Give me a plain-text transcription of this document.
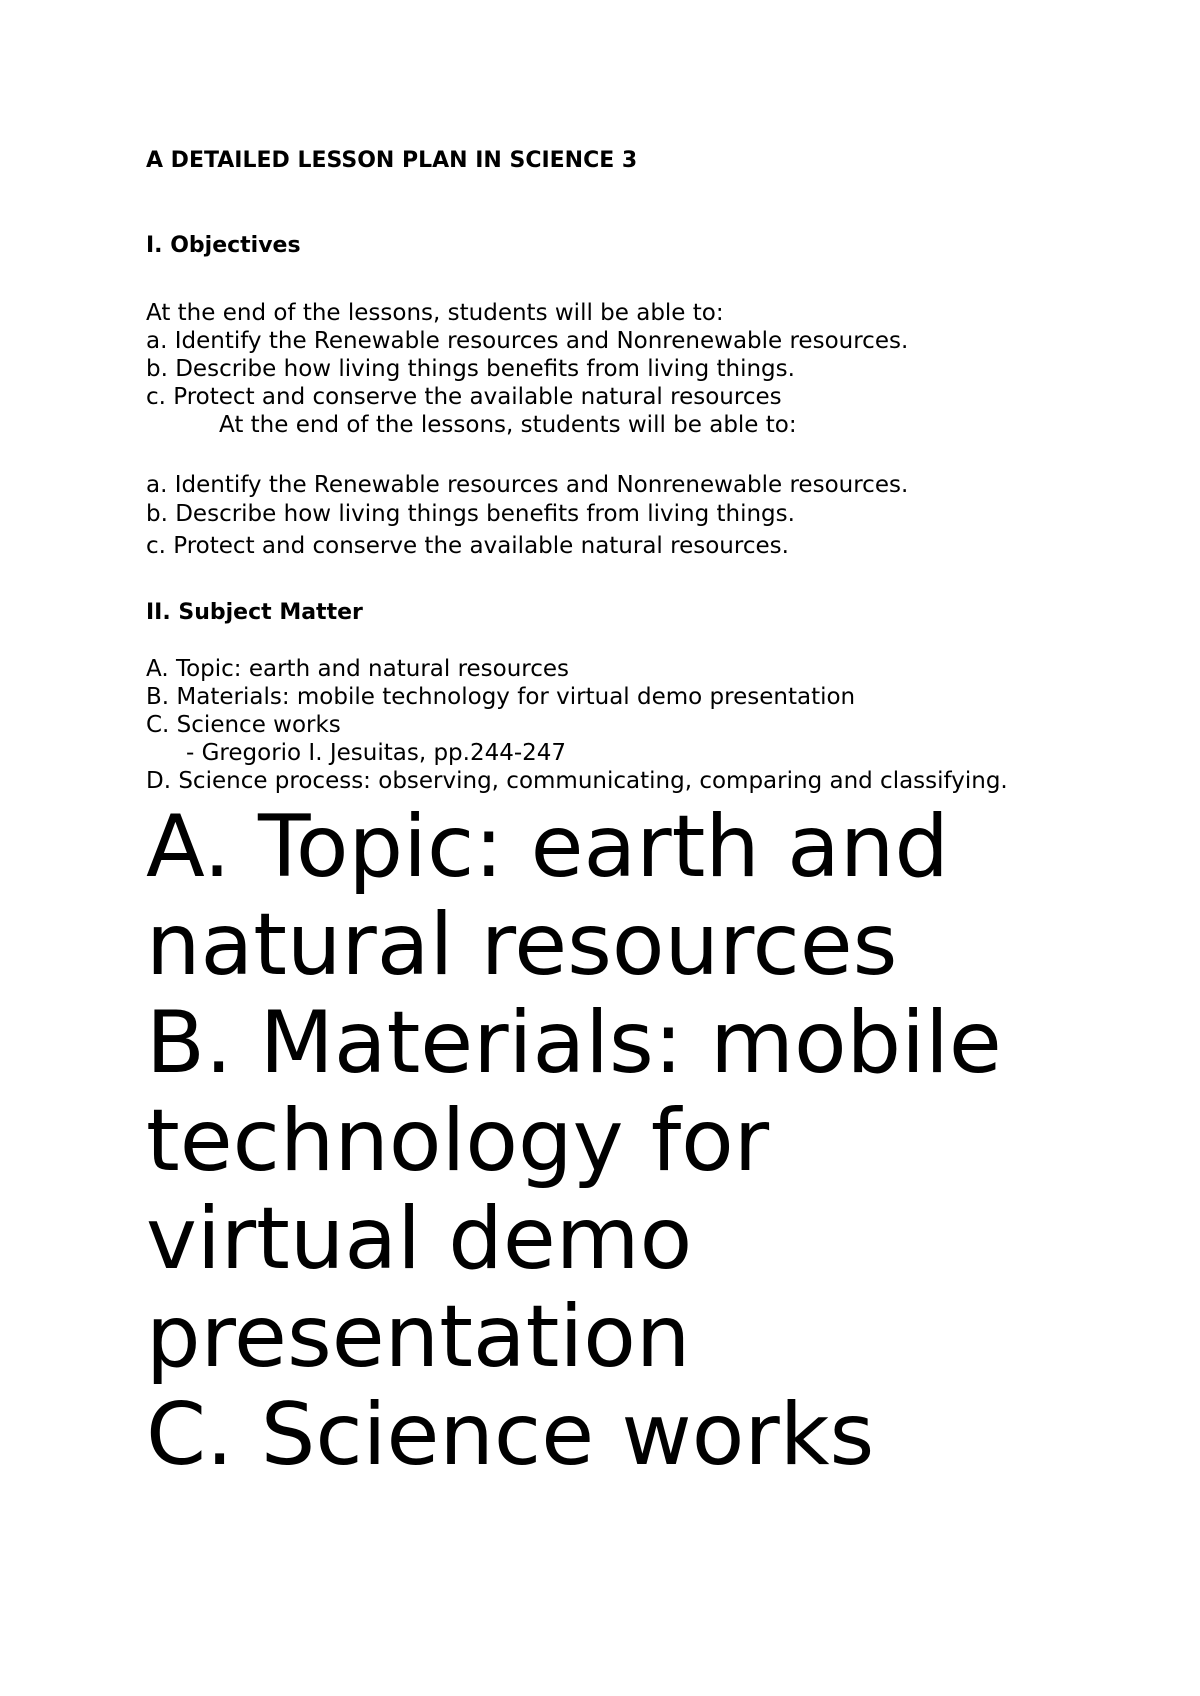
A DETAILED LESSON PLAN IN SCIENCE 3
I. Objectives
At the end of the lessons, students will be able to:
a. Identify the Renewable resources and Nonrenewable resources.
b. Describe how living things benefits from living things.
c. Protect and conserve the available natural resources
At the end of the lessons, students will be able to:
a. Identify the Renewable resources and Nonrenewable resources.
b. Describe how living things benefits from living things.
c. Protect and conserve the available natural resources.
II. Subject Matter
A. Topic: earth and natural resources
B. Materials: mobile technology for virtual demo presentation
C. Science works
- Gregorio I. Jesuitas, pp.244-247
D. Science process: observing, communicating, comparing and classifying.
A. Topic: earth and
natural resources
B. Materials: mobile
technology for
virtual demo
presentation
C. Science works
